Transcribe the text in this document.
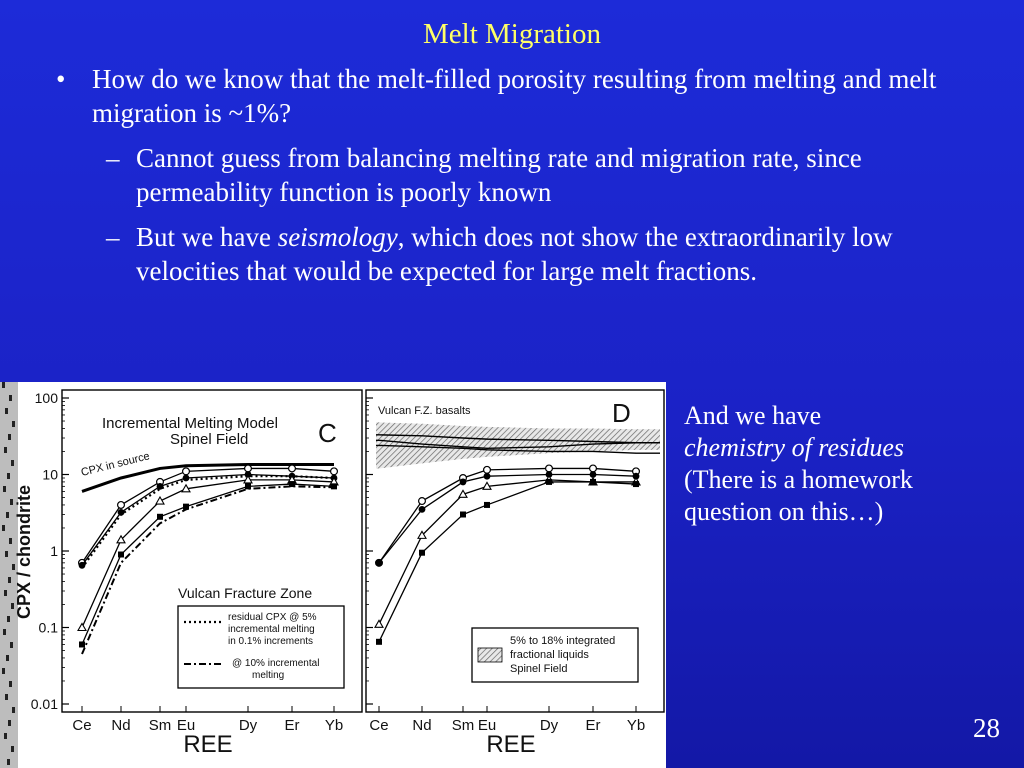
Melt Migration
• How do we know that the melt-filled porosity resulting from melting and melt migration is ~1%?
– Cannot guess from balancing melting rate and migration rate, since permeability function is poorly known
– But we have seismology, which does not show the extraordinarily low velocities that would be expected for large melt fractions.
Ce Nd Sm Eu	Dy Er Yb
REE
Ce Nd Sm Eu	Dy Er Yb
REE
0.01
0.1
1
10
100
CPX / chondrite
Incremental Melting Model
Spinel Field	C
CPX in source
Vulcan Fracture Zone
residual CPX @ 5%
incremental melting
in 0.1% increments
@ 10% incremental
melting
Vulcan F.Z. basalts	D
5% to 18% integrated
fractional liquids
Spinel Field
And we have
chemistry of residues
(There is a homework question on this…)
28
